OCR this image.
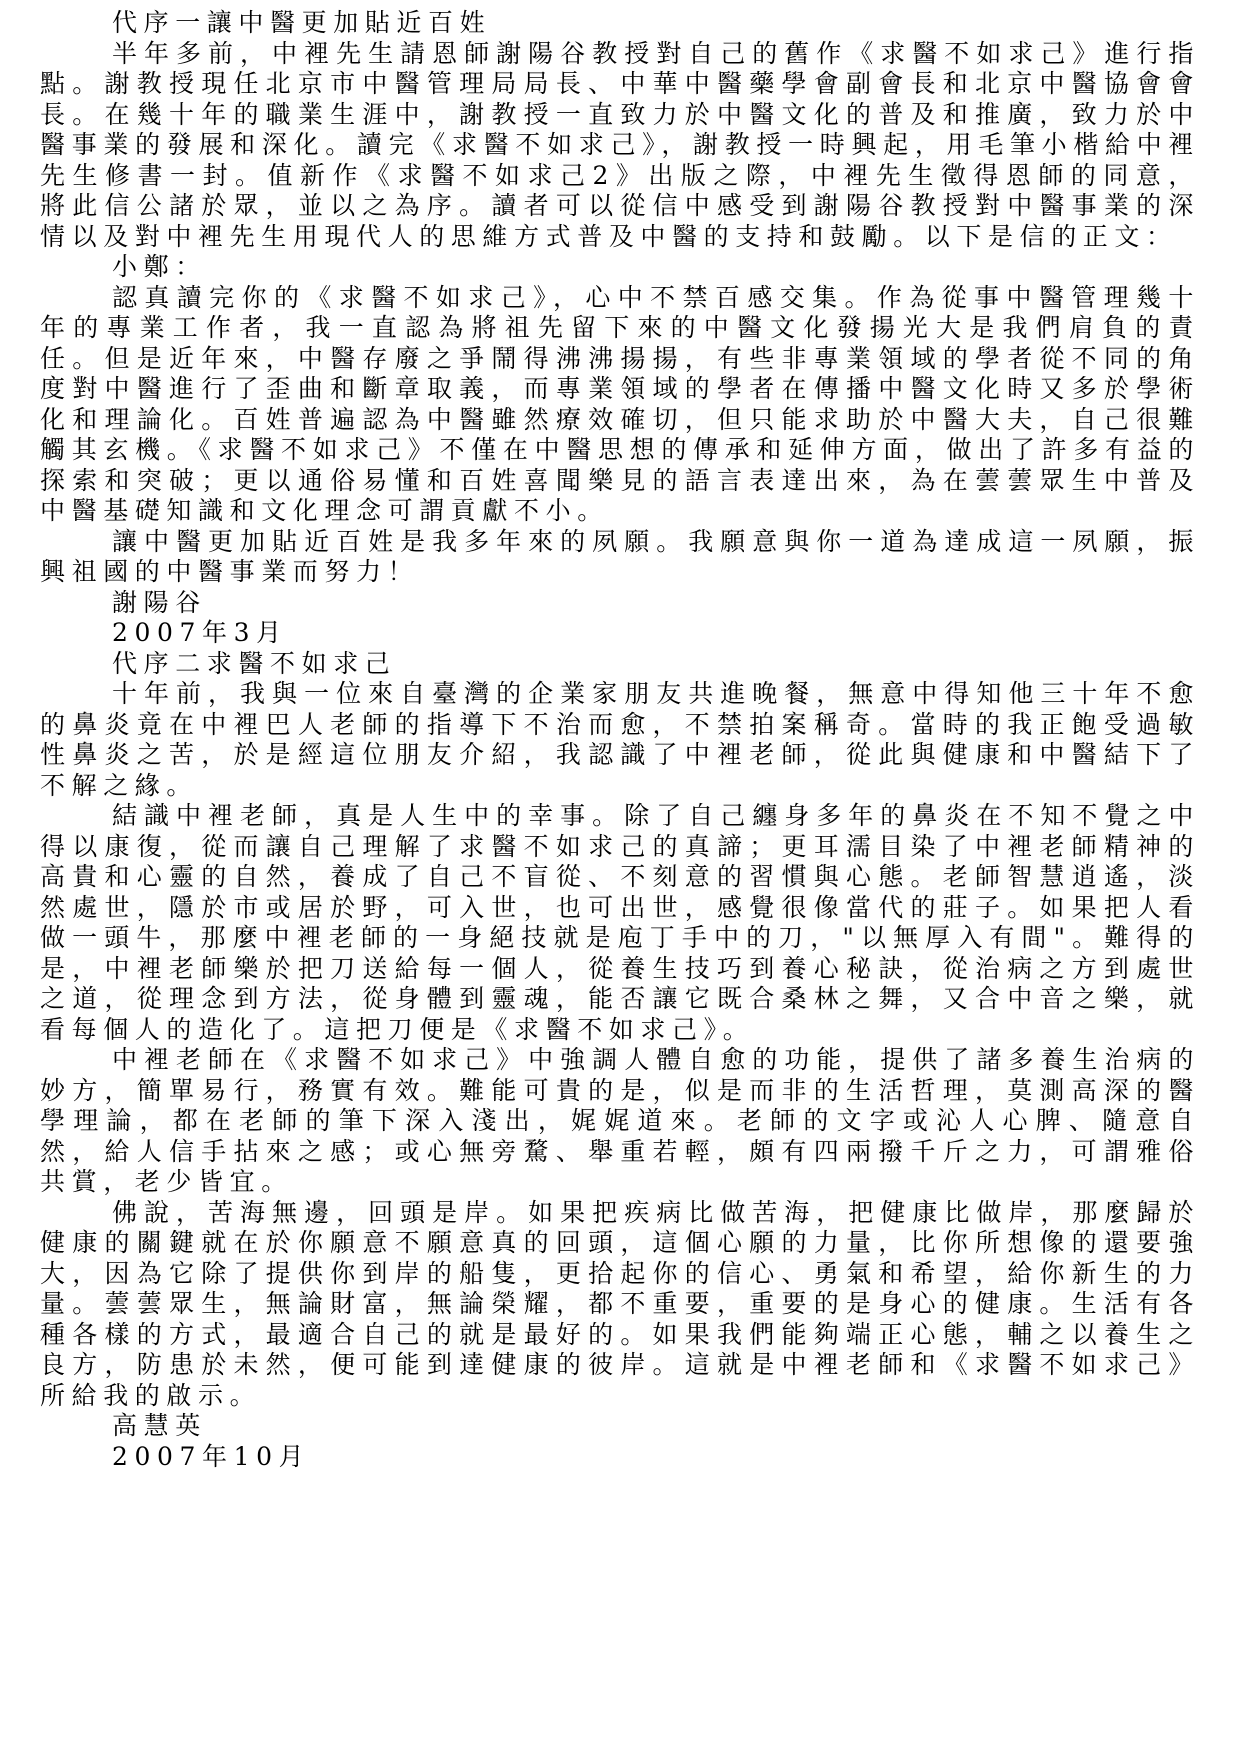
代序一讓中醫更加貼近百姓

半年多前，中裡先生請恩師謝陽谷教授對自己的舊作《求醫不如求己》進行指點。謝教授現任北京市中醫管理局局長、中華中醫藥學會副會長和北京中醫協會會長。在幾十年的職業生涯中，謝教授一直致力於中醫文化的普及和推廣，致力於中醫事業的發展和深化。讀完《求醫不如求己》，謝教授一時興起，用毛筆小楷給中裡先生修書一封。值新作《求醫不如求己2》出版之際，中裡先生徵得恩師的同意，將此信公諸於眾，並以之為序。讀者可以從信中感受到謝陽谷教授對中醫事業的深情以及對中裡先生用現代人的思維方式普及中醫的支持和鼓勵。以下是信的正文：

小鄭：

認真讀完你的《求醫不如求己》，心中不禁百感交集。作為從事中醫管理幾十年的專業工作者，我一直認為將祖先留下來的中醫文化發揚光大是我們肩負的責任。但是近年來，中醫存廢之爭鬧得沸沸揚揚，有些非專業領域的學者從不同的角度對中醫進行了歪曲和斷章取義，而專業領域的學者在傳播中醫文化時又多於學術化和理論化。百姓普遍認為中醫雖然療效確切，但只能求助於中醫大夫，自己很難觸其玄機。《求醫不如求己》不僅在中醫思想的傳承和延伸方面，做出了許多有益的探索和突破；更以通俗易懂和百姓喜聞樂見的語言表達出來，為在蕓蕓眾生中普及中醫基礎知識和文化理念可謂貢獻不小。

讓中醫更加貼近百姓是我多年來的夙願。我願意與你一道為達成這一夙願，振興祖國的中醫事業而努力！

謝陽谷

2007年3月

代序二求醫不如求己

十年前，我與一位來自臺灣的企業家朋友共進晚餐，無意中得知他三十年不愈的鼻炎竟在中裡巴人老師的指導下不治而愈，不禁拍案稱奇。當時的我正飽受過敏性鼻炎之苦，於是經這位朋友介紹，我認識了中裡老師，從此與健康和中醫結下了不解之緣。

結識中裡老師，真是人生中的幸事。除了自己纏身多年的鼻炎在不知不覺之中得以康復，從而讓自己理解了求醫不如求己的真諦；更耳濡目染了中裡老師精神的高貴和心靈的自然，養成了自己不盲從、不刻意的習慣與心態。老師智慧逍遙，淡然處世，隱於市或居於野，可入世，也可出世，感覺很像當代的莊子。如果把人看做一頭牛，那麼中裡老師的一身絕技就是庖丁手中的刀，"以無厚入有間"。難得的是，中裡老師樂於把刀送給每一個人，從養生技巧到養心秘訣，從治病之方到處世之道，從理念到方法，從身體到靈魂，能否讓它既合桑林之舞，又合中音之樂，就看每個人的造化了。這把刀便是《求醫不如求己》。

中裡老師在《求醫不如求己》中強調人體自愈的功能，提供了諸多養生治病的妙方，簡單易行，務實有效。難能可貴的是，似是而非的生活哲理，莫測高深的醫學理論，都在老師的筆下深入淺出，娓娓道來。老師的文字或沁人心脾、隨意自然，給人信手拈來之感；或心無旁騖、舉重若輕，頗有四兩撥千斤之力，可謂雅俗共賞，老少皆宜。

佛說，苦海無邊，回頭是岸。如果把疾病比做苦海，把健康比做岸，那麼歸於健康的關鍵就在於你願意不願意真的回頭，這個心願的力量，比你所想像的還要強大，因為它除了提供你到岸的船隻，更拾起你的信心、勇氣和希望，給你新生的力量。蕓蕓眾生，無論財富，無論榮耀，都不重要，重要的是身心的健康。生活有各種各樣的方式，最適合自己的就是最好的。如果我們能夠端正心態，輔之以養生之良方，防患於未然，便可能到達健康的彼岸。這就是中裡老師和《求醫不如求己》所給我的啟示。

高慧英

2007年10月
